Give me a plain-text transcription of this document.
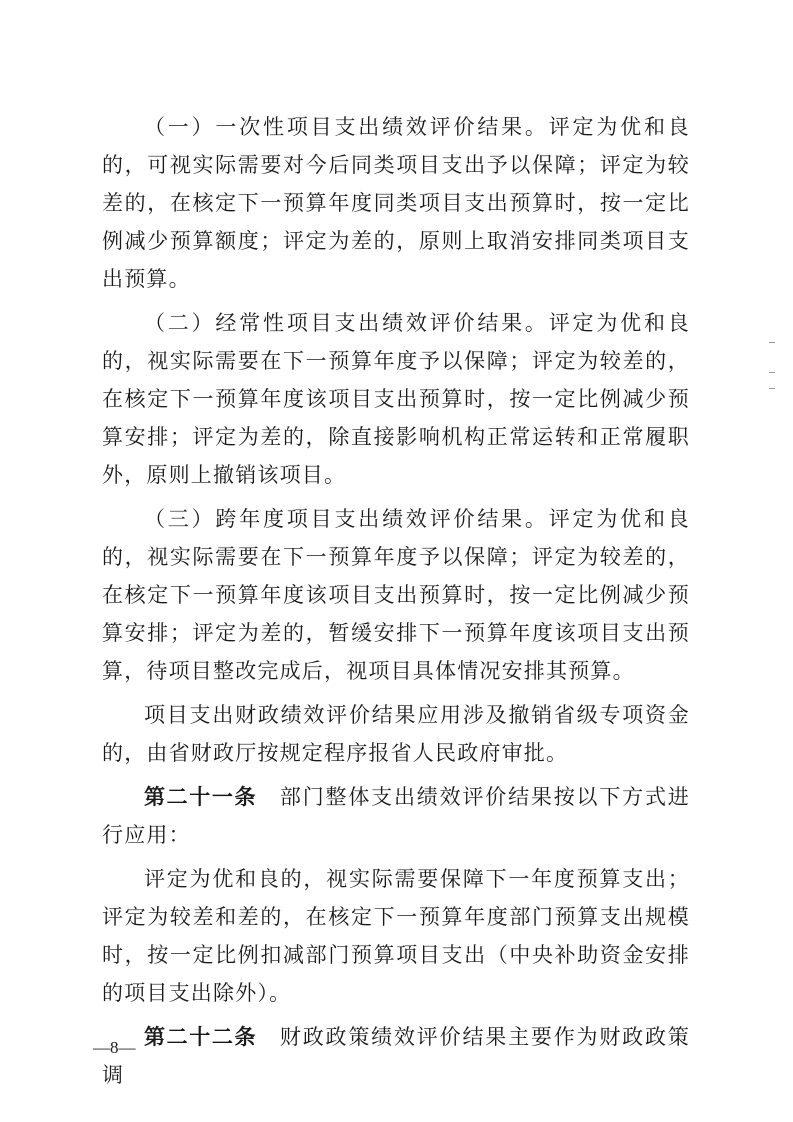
（一）一次性项目支出绩效评价结果。评定为优和良的，可视实际需要对今后同类项目支出予以保障；评定为较差的，在核定下一预算年度同类项目支出预算时，按一定比例减少预算额度；评定为差的，原则上取消安排同类项目支出预算。

（二）经常性项目支出绩效评价结果。评定为优和良的，视实际需要在下一预算年度予以保障；评定为较差的，在核定下一预算年度该项目支出预算时，按一定比例减少预算安排；评定为差的，除直接影响机构正常运转和正常履职外，原则上撤销该项目。

（三）跨年度项目支出绩效评价结果。评定为优和良的，视实际需要在下一预算年度予以保障；评定为较差的，在核定下一预算年度该项目支出预算时，按一定比例减少预算安排；评定为差的，暂缓安排下一预算年度该项目支出预算，待项目整改完成后，视项目具体情况安排其预算。

项目支出财政绩效评价结果应用涉及撤销省级专项资金的，由省财政厅按规定程序报省人民政府审批。

第二十一条　部门整体支出绩效评价结果按以下方式进行应用：

评定为优和良的，视实际需要保障下一年度预算支出；评定为较差和差的，在核定下一预算年度部门预算支出规模时，按一定比例扣减部门预算项目支出（中央补助资金安排的项目支出除外）。

第二十二条　财政政策绩效评价结果主要作为财政政策调

—8—
